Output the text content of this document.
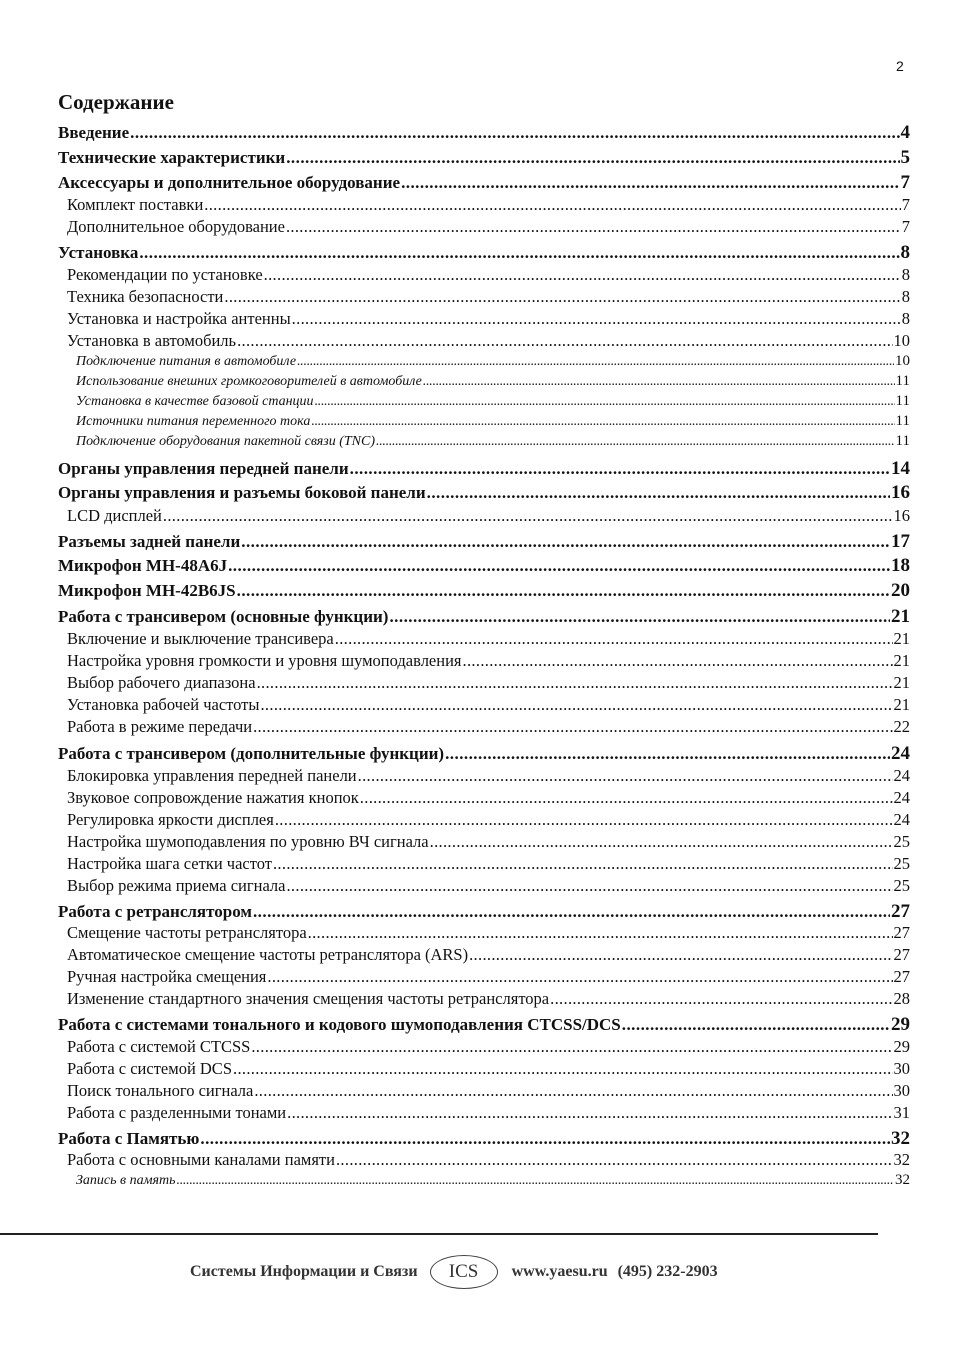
2
Содержание
Введение . . .	4
Технические характеристики . . .	5
Аксессуары и дополнительное оборудование . . .	7
Комплект поставки . . .	7
Дополнительное оборудование . . .	7
Установка . . .	8
Рекомендации по установке . . .	8
Техника безопасности . . .	8
Установка и настройка антенны . . .	8
Установка в автомобиль . . .	10
Подключение питания в автомобиле . . .	10
Использование внешних громкоговорителей в автомобиле . . .	11
Установка в качестве базовой станции . . .	11
Источники питания переменного тока . . .	11
Подключение оборудования пакетной связи (TNC) . . .	11
Органы управления передней панели . . .	14
Органы управления и разъемы боковой панели . . .	16
LCD дисплей . . .	16
Разъемы задней панели . . .	17
Микрофон MH-48A6J . . .	18
Микрофон MH-42B6JS . . .	20
Работа с трансивером (основные функции) . . .	21
Включение и выключение трансивера . . .	21
Настройка уровня громкости и уровня шумоподавления . . .	21
Выбор рабочего диапазона . . .	21
Установка рабочей частоты . . .	21
Работа в режиме передачи . . .	22
Работа с трансивером (дополнительные функции) . . .	24
Блокировка управления передней панели . . .	24
Звуковое сопровождение нажатия кнопок . . .	24
Регулировка яркости дисплея . . .	24
Настройка шумоподавления по уровню ВЧ сигнала . . .	25
Настройка шага сетки частот . . .	25
Выбор режима приема сигнала . . .	25
Работа с ретранслятором . . .	27
Смещение частоты ретранслятора . . .	27
Автоматическое смещение частоты ретранслятора (ARS) . . .	27
Ручная настройка смещения . . .	27
Изменение стандартного значения смещения частоты ретранслятора . . .	28
Работа с системами тонального и кодового шумоподавления CTCSS/DCS . . .	29
Работа с системой CTCSS . . .	29
Работа с системой DCS . . .	30
Поиск тонального сигнала . . .	30
Работа с разделенными тонами . . .	31
Работа с Памятью . . .	32
Работа с основными каналами памяти . . .	32
Запись в память . . .	32
Системы Информации и Связи	ICS	www.yaesu.ru (495) 232-2903
